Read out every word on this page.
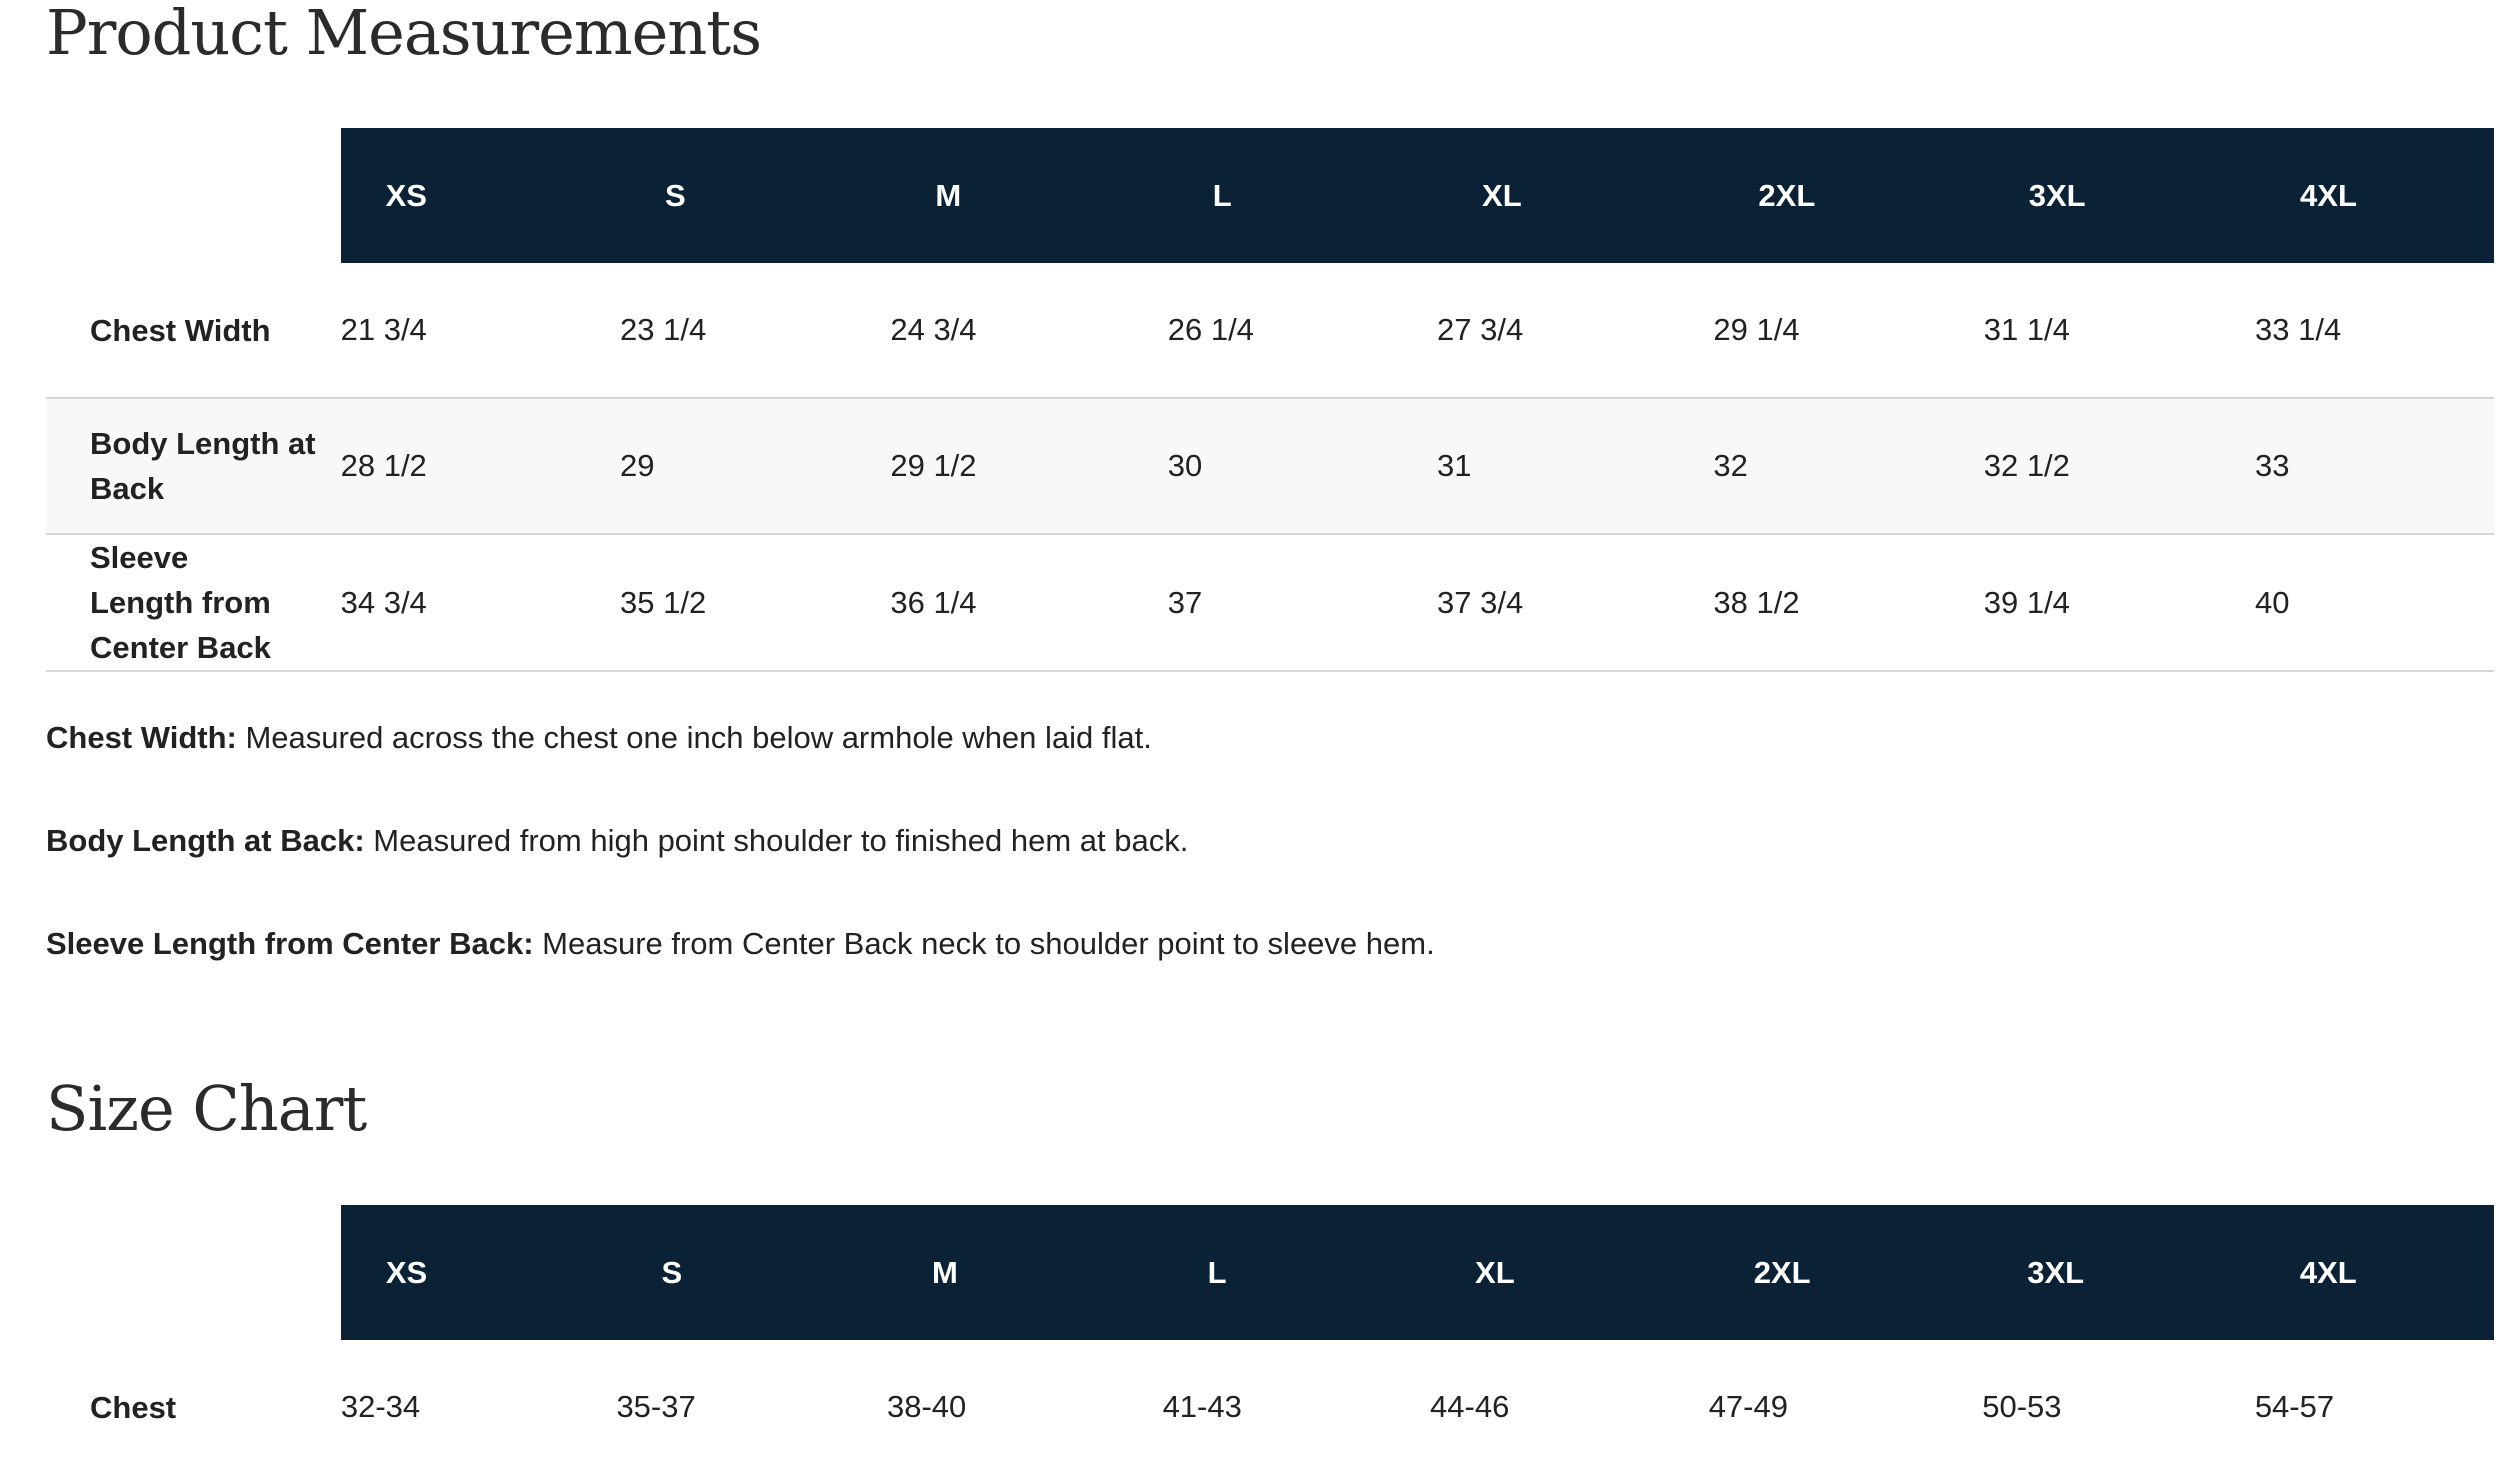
Product Measurements
	XS	S	M	L	XL	2XL	3XL	4XL
Chest Width	21 3/4	23 1/4	24 3/4	26 1/4	27 3/4	29 1/4	31 1/4	33 1/4
Body Length at Back	28 1/2	29	29 1/2	30	31	32	32 1/2	33
Sleeve Length from Center Back	34 3/4	35 1/2	36 1/4	37	37 3/4	38 1/2	39 1/4	40

Chest Width: Measured across the chest one inch below armhole when laid flat.

Body Length at Back: Measured from high point shoulder to finished hem at back.

Sleeve Length from Center Back: Measure from Center Back neck to shoulder point to sleeve hem.

Size Chart
	XS	S	M	L	XL	2XL	3XL	4XL
Chest	32-34	35-37	38-40	41-43	44-46	47-49	50-53	54-57
